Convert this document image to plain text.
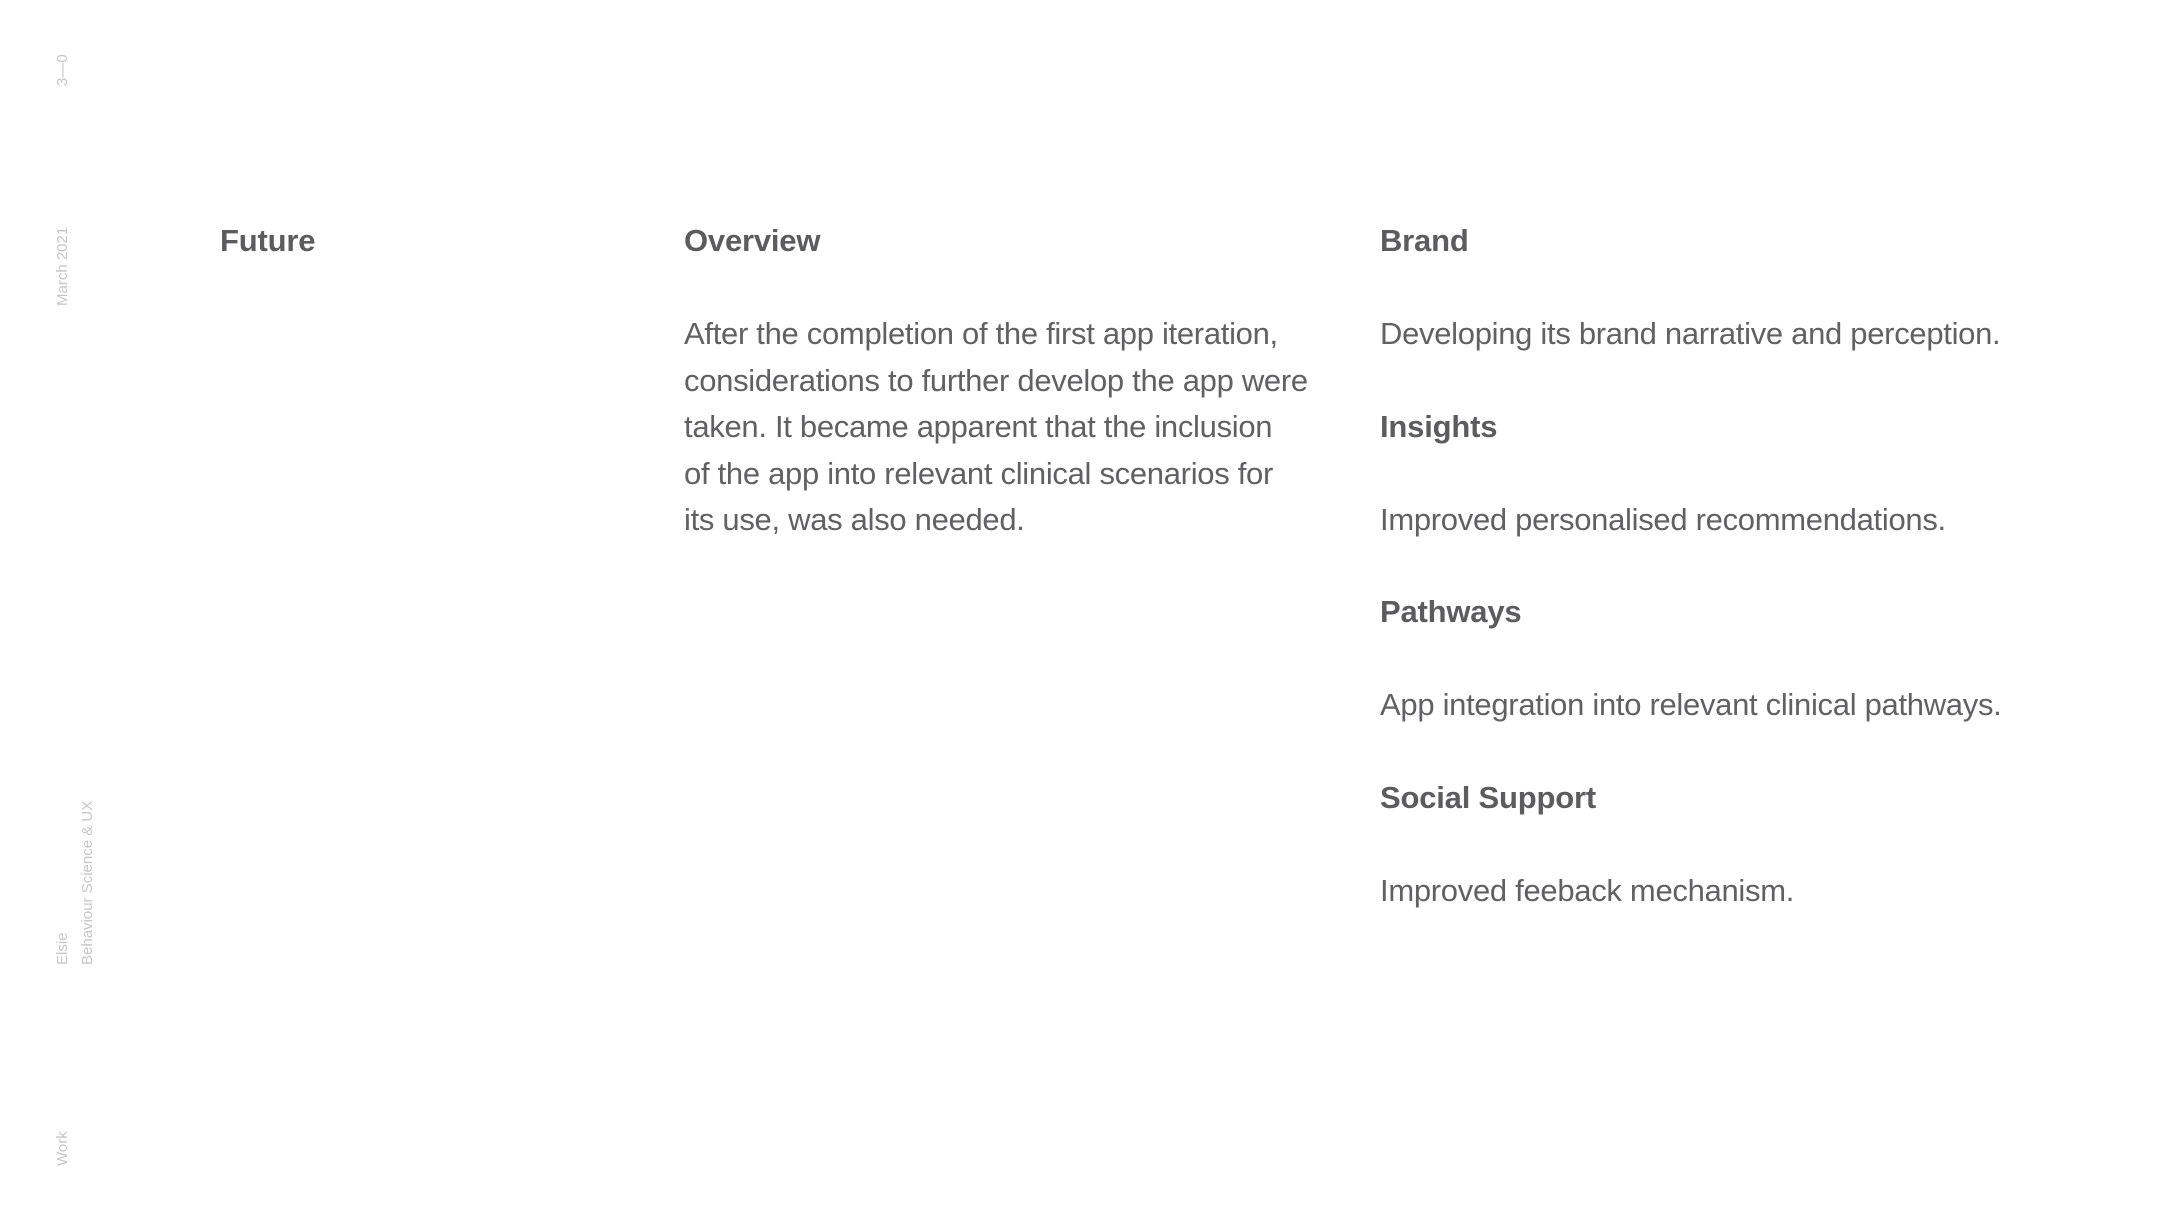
3—0
March 2021
Elsie Behaviour Science & UX
Work
Future	Overview
After the completion of the first app iteration,
considerations to further develop the app were
taken. It became apparent that the inclusion
of the app into relevant clinical scenarios for
its use, was also needed.
Brand

Developing its brand narrative and perception.

Insights

Improved personalised recommendations.

Pathways

App integration into relevant clinical pathways.

Social Support

Improved feeback mechanism.
